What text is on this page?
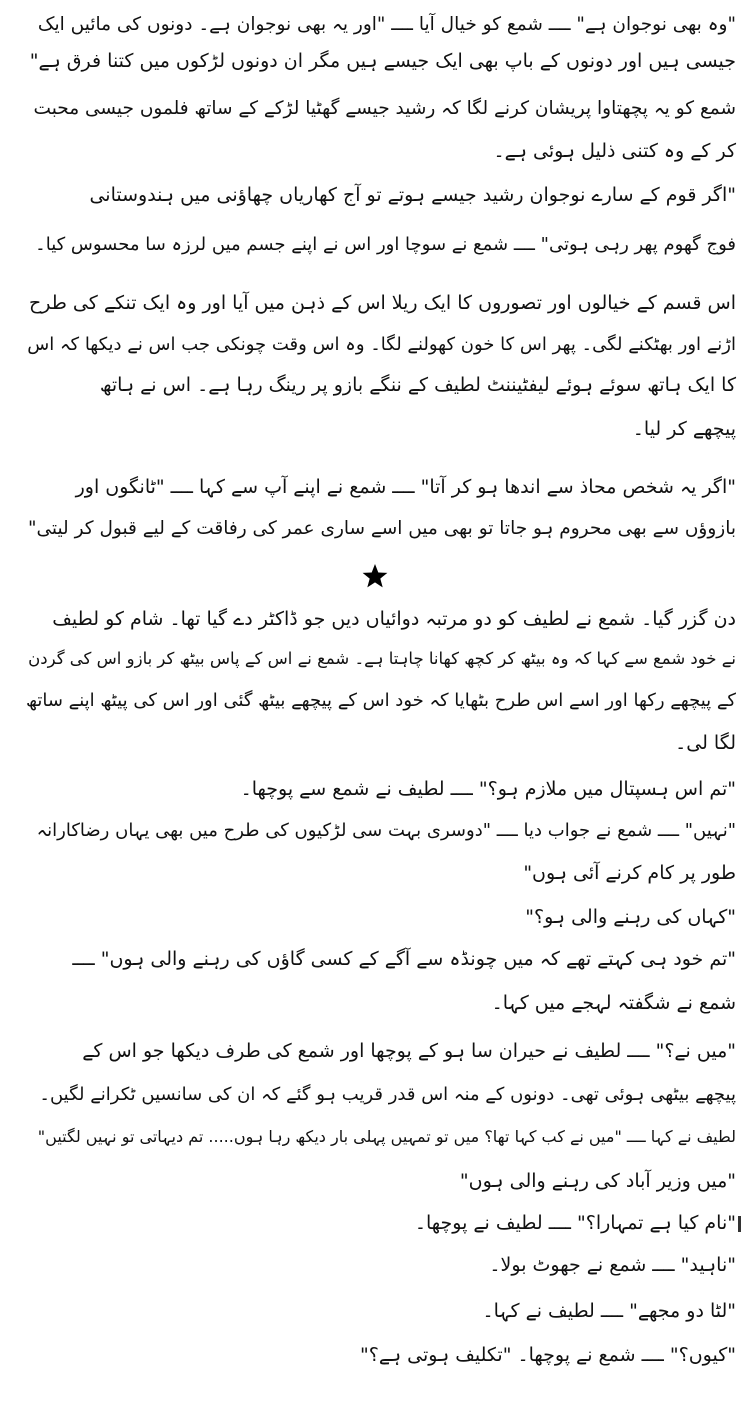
"وہ بھی نوجوان ہے" ــــ شمع کو خیال آیا ــــ "اور یہ بھی نوجوان ہے۔ دونوں کی مائیں ایک
جیسی ہیں اور دونوں کے باپ بھی ایک جیسے ہیں مگر ان دونوں لڑکوں میں کتنا فرق ہے"
شمع کو یہ پچھتاوا پریشان کرنے لگا کہ رشید جیسے گھٹیا لڑکے کے ساتھ فلموں جیسی محبت
کر کے وہ کتنی ذلیل ہوئی ہے۔
"اگر قوم کے سارے نوجوان رشید جیسے ہوتے تو آج کھاریاں چھاؤنی میں ہندوستانی
فوج گھوم پھر رہی ہوتی" ــــ شمع نے سوچا اور اس نے اپنے جسم میں لرزہ سا محسوس کیا۔
اس قسم کے خیالوں اور تصوروں کا ایک ریلا اس کے ذہن میں آیا اور وہ ایک تنکے کی طرح
اڑنے اور بھٹکنے لگی۔ پھر اس کا خون کھولنے لگا۔ وہ اس وقت چونکی جب اس نے دیکھا کہ اس
کا ایک ہاتھ سوئے ہوئے لیفٹیننٹ لطیف کے ننگے بازو پر رینگ رہا ہے۔ اس نے ہاتھ
پیچھے کر لیا۔
"اگر یہ شخص محاذ سے اندھا ہو کر آتا" ــــ شمع نے اپنے آپ سے کہا ــــ "ٹانگوں اور
بازوؤں سے بھی محروم ہو جاتا تو بھی میں اسے ساری عمر کی رفاقت کے لیے قبول کر لیتی"
دن گزر گیا۔ شمع نے لطیف کو دو مرتبہ دوائیاں دیں جو ڈاکٹر دے گیا تھا۔ شام کو لطیف
نے خود شمع سے کہا کہ وہ بیٹھ کر کچھ کھانا چاہتا ہے۔ شمع نے اس کے پاس بیٹھ کر بازو اس کی گردن
کے پیچھے رکھا اور اسے اس طرح بٹھایا کہ خود اس کے پیچھے بیٹھ گئی اور اس کی پیٹھ اپنے ساتھ
لگا لی۔
"تم اس ہسپتال میں ملازم ہو؟" ــــ لطیف نے شمع سے پوچھا۔
"نہیں" ــــ شمع نے جواب دیا ــــ "دوسری بہت سی لڑکیوں کی طرح میں بھی یہاں رضاکارانہ
طور پر کام کرنے آئی ہوں"
"کہاں کی رہنے والی ہو؟"
"تم خود ہی کہتے تھے کہ میں چونڈہ سے آگے کے کسی گاؤں کی رہنے والی ہوں" ــــ
شمع نے شگفتہ لہجے میں کہا۔
"میں نے؟" ــــ لطیف نے حیران سا ہو کے پوچھا اور شمع کی طرف دیکھا جو اس کے
پیچھے بیٹھی ہوئی تھی۔ دونوں کے منہ اس قدر قریب ہو گئے کہ ان کی سانسیں ٹکرانے لگیں۔
لطیف نے کہا ــــ "میں نے کب کہا تھا؟ میں تو تمہیں پہلی بار دیکھ رہا ہوں..... تم دیہاتی تو نہیں لگتیں"
"میں وزیر آباد کی رہنے والی ہوں"
"نام کیا ہے تمہارا؟" ــــ لطیف نے پوچھا۔
"ناہید" ــــ شمع نے جھوٹ بولا۔
"لٹا دو مجھے" ــــ لطیف نے کہا۔
"کیوں؟" ــــ شمع نے پوچھا۔ "تکلیف ہوتی ہے؟"
